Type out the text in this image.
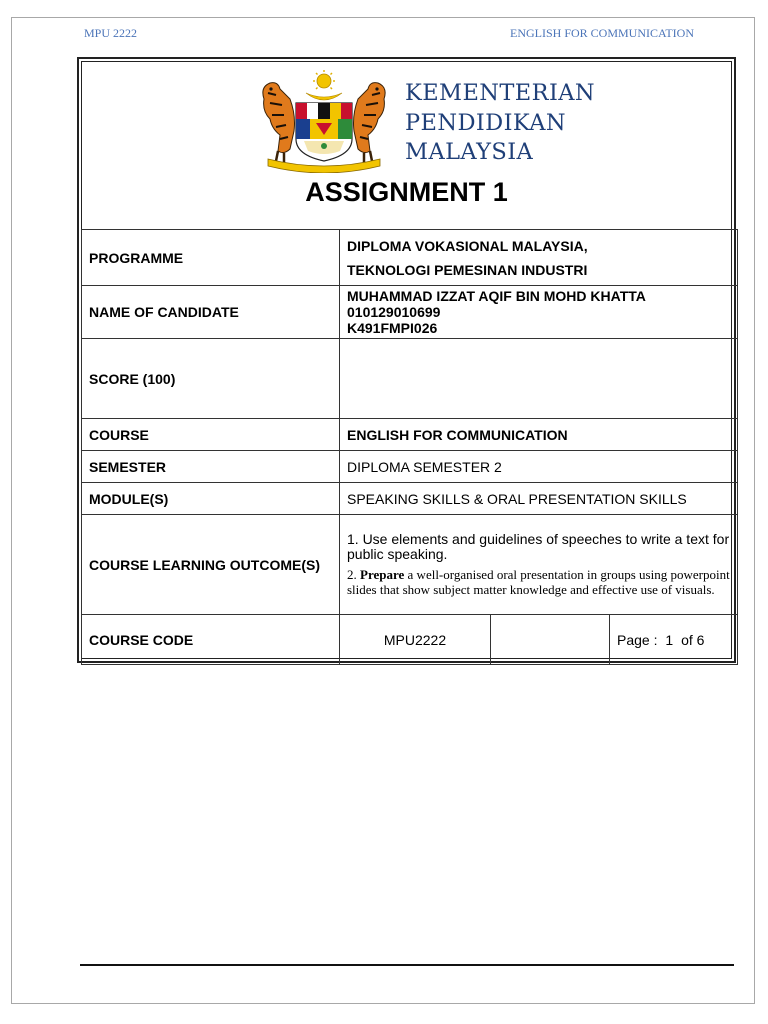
MPU 2222	ENGLISH FOR COMMUNICATION
KEMENTERIAN
PENDIDIKAN
MALAYSIA
ASSIGNMENT 1
PROGRAMME	DIPLOMA VOKASIONAL MALAYSIA,
TEKNOLOGI PEMESINAN INDUSTRI		

NAME OF CANDIDATE	MUHAMMAD IZZAT AQIF BIN MOHD KHATTA
010129010699
K491FMPI026		

SCORE (100)			
COURSE	ENGLISH FOR COMMUNICATION		
SEMESTER	DIPLOMA SEMESTER 2		
MODULE(S)	SPEAKING SKILLS & ORAL PRESENTATION SKILLS		
COURSE LEARNING OUTCOME(S)	1. Use elements and guidelines of speeches to write a text for public speaking.
2. Prepare a well-organised oral presentation in groups using powerpoint slides that show subject matter knowledge and effective use of visuals.		

COURSE CODE	MPU2222		Page : 1 of 6
